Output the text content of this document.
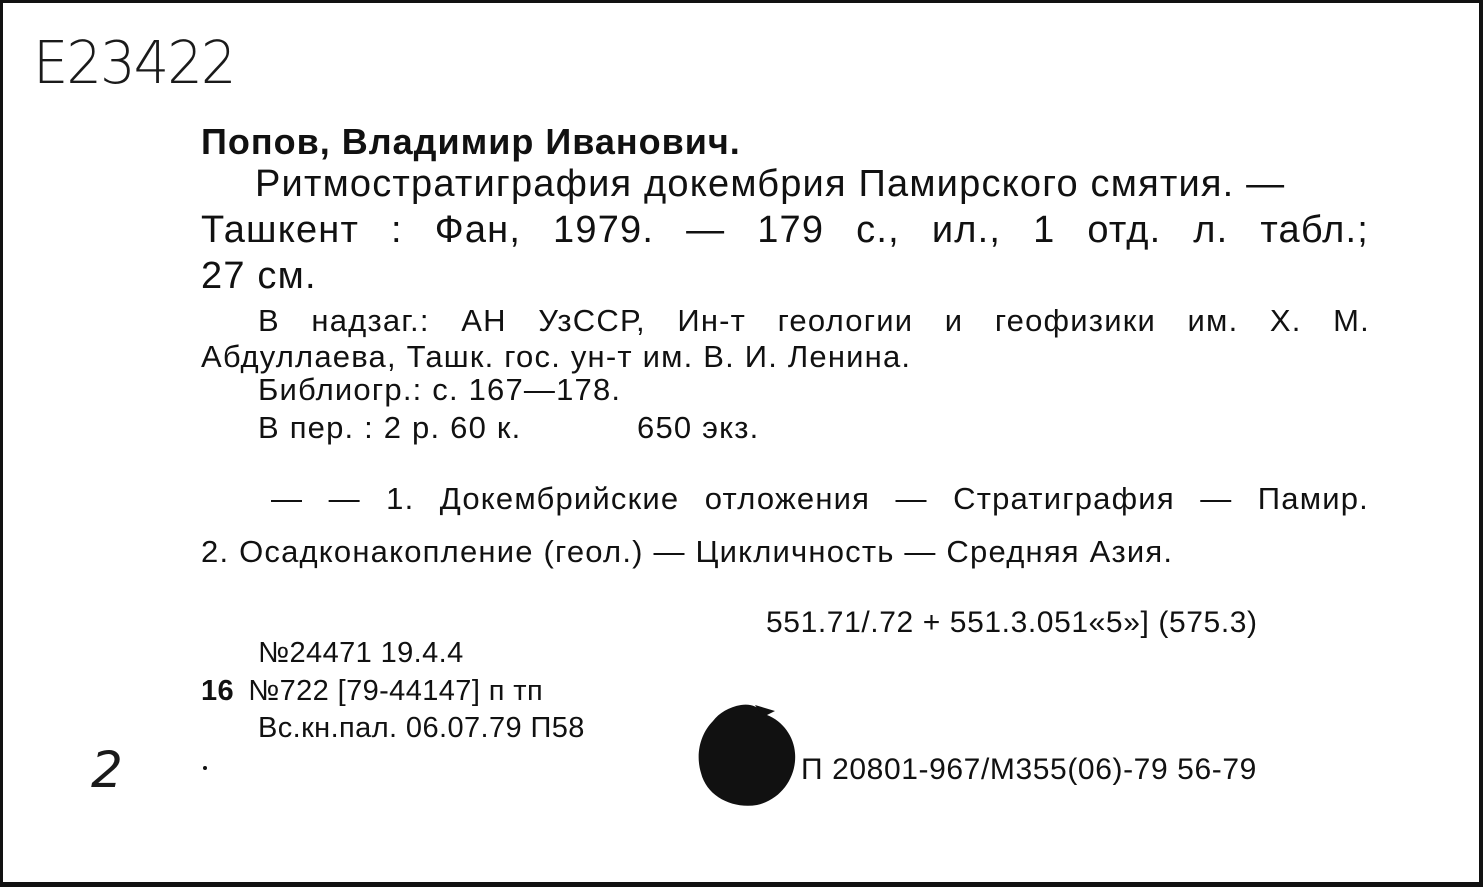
E23422
Попов, Владимир Иванович.
Ритмостратиграфия докембрия Памирского смятия. —
Ташкент : Фан, 1979. — 179 с., ил., 1 отд. л. табл.;
27 см.
В надзаг.: АН УзССР, Ин-т геологии и геофизики им. Х. М.
Абдуллаева, Ташк. гос. ун-т им. В. И. Ленина.
Библиогр.: с. 167—178.
В пер. : 2 р. 60 к.	650 экз.
— — 1. Докембрийские отложения — Стратиграфия — Памир.
2. Осадконакопление (геол.) — Цикличность — Средняя Азия.
551.71/.72 + 551.3.051«5»] (575.3)
№24471 19.4.4
16 №722 [79-44147] п тп
Вс.кн.пал. 06.07.79 П58
П 20801-967/М355(06)-79 56-79
2
